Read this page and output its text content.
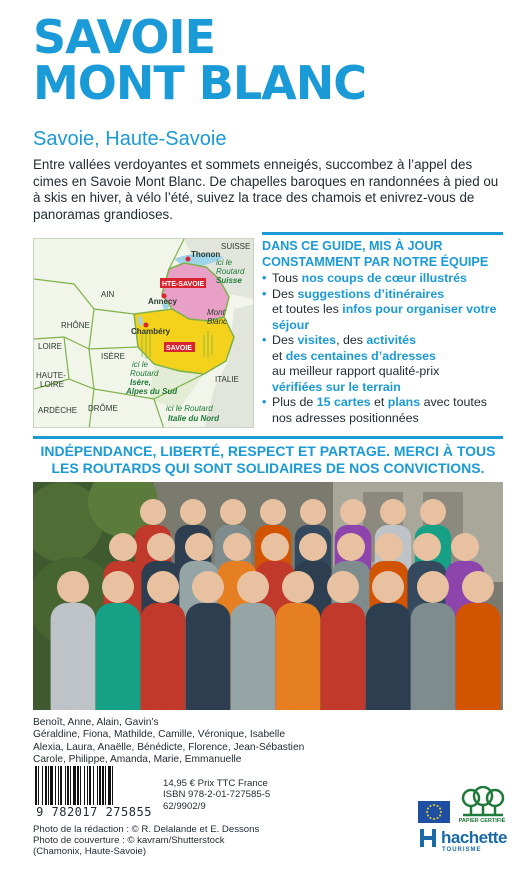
SAVOIE
MONT BLANC
Savoie, Haute-Savoie

Entre vallées verdoyantes et sommets enneigés, succombez à l’appel des cimes en Savoie Mont Blanc. De chapelles baroques en randonnées à pied ou à skis en hiver, à vélo l’été, suivez la trace des chamois et enivrez-vous de panoramas grandioses.

SUISSE
Thonon
ici le
Routard
Suisse
HTE-SAVOIE
AIN
Annecy
Mont
Blanc
RHÔNE
Chambéry
SAVOIE
LOIRE
ISÈRE
ici le
Routard
Isère,
Alpes du Sud
HAUTE-
LOIRE
ITALIE
ARDÈCHE DRÔME	ici le Routard
Italie du Nord
DANS CE GUIDE, MIS À JOUR
CONSTAMMENT PAR NOTRE ÉQUIPE
• Tous nos coups de cœur illustrés
• Des suggestions d’itinéraires
et toutes les infos pour organiser votre séjour
• Des visites, des activités
et des centaines d’adresses
au meilleur rapport qualité-prix
vérifiées sur le terrain
• Plus de 15 cartes et plans avec toutes nos adresses positionnées
INDÉPENDANCE, LIBERTÉ, RESPECT ET PARTAGE. MERCI À TOUS
LES ROUTARDS QUI SONT SOLIDAIRES DE NOS CONVICTIONS.
Benoît, Anne, Alain, Gavin’s
Géraldine, Fiona, Mathilde, Camille, Véronique, Isabelle
Alexia, Laura, Anaëlle, Bénédicte, Florence, Jean-Sébastien
Carole, Philippe, Amanda, Marie, Emmanuelle
9 782017 275855
14,95 € Prix TTC France
ISBN 978-2-01-727585-5
62/9902/9
Photo de la rédaction : © R. Delalande et E. Dessons
Photo de couverture : © kavram/Shutterstock
(Chamonix, Haute-Savoie)
PAPIER CERTIFIÉ
hachette
TOURISME
